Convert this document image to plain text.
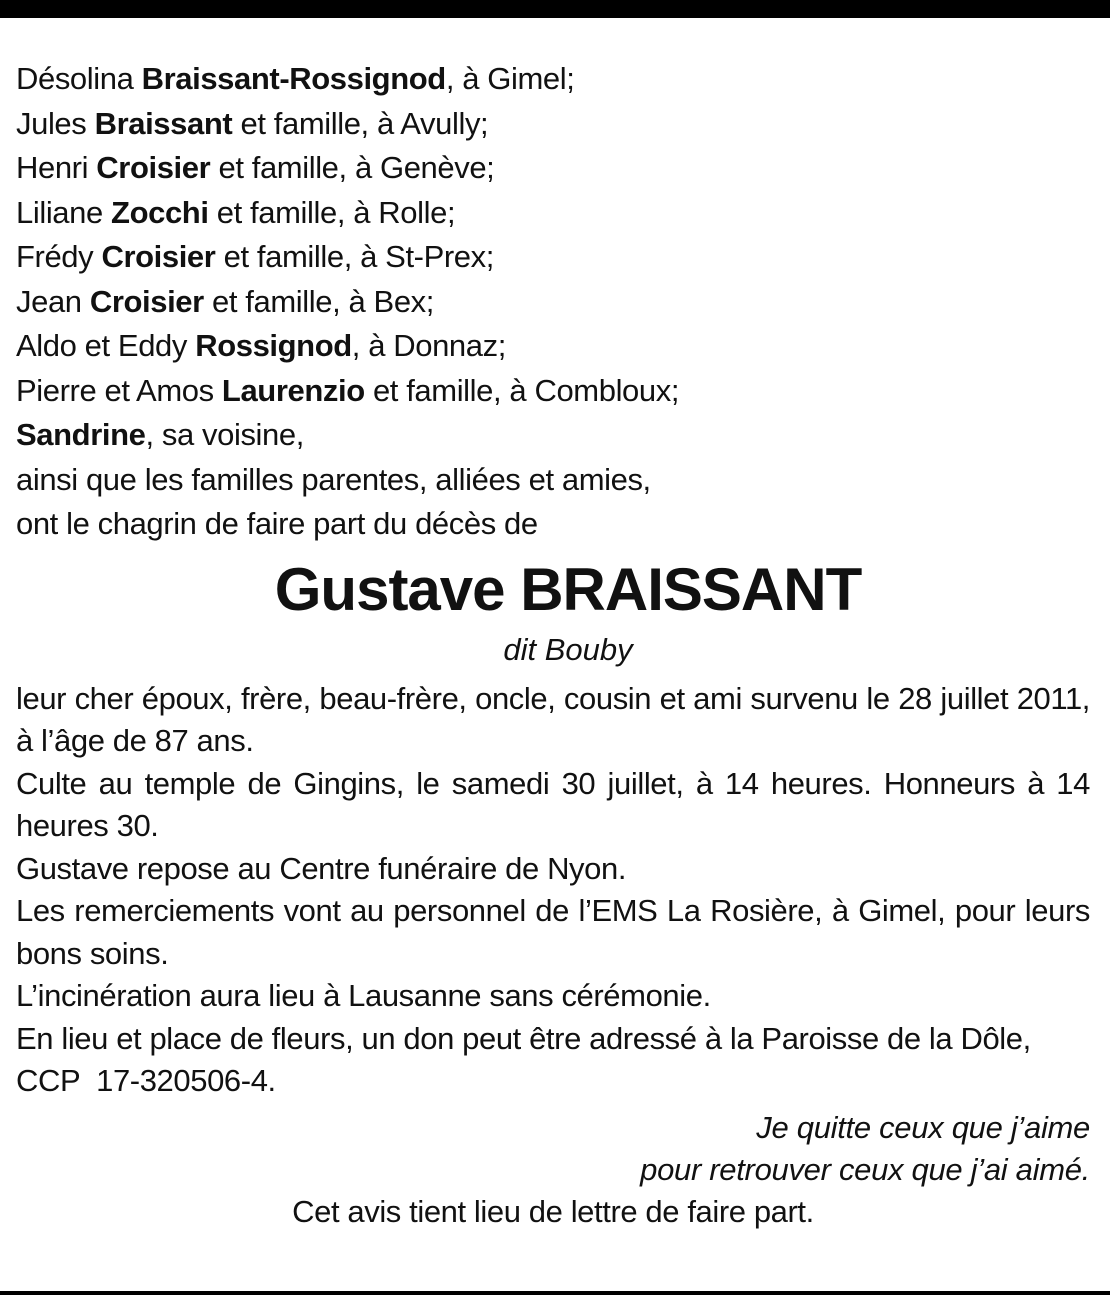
Désolina Braissant-Rossignod, à Gimel;
Jules Braissant et famille, à Avully;
Henri Croisier et famille, à Genève;
Liliane Zocchi et famille, à Rolle;
Frédy Croisier et famille, à St-Prex;
Jean Croisier et famille, à Bex;
Aldo et Eddy Rossignod, à Donnaz;
Pierre et Amos Laurenzio et famille, à Combloux;
Sandrine, sa voisine,
ainsi que les familles parentes, alliées et amies,
ont le chagrin de faire part du décès de
Gustave BRAISSANT
dit Bouby
leur cher époux, frère, beau-frère, oncle, cousin et ami survenu le 28 juillet 2011, à l’âge de 87 ans.
Culte au temple de Gingins, le samedi 30 juillet, à 14 heures. Honneurs à 14 heures 30.
Gustave repose au Centre funéraire de Nyon.
Les remerciements vont au personnel de l’EMS La Rosière, à Gimel, pour leurs bons soins.
L’incinération aura lieu à Lausanne sans cérémonie.
En lieu et place de fleurs, un don peut être adressé à la Paroisse de la Dôle,
CCP  17-320506-4.
Je quitte ceux que j’aime
pour retrouver ceux que j’ai aimé.
Cet avis tient lieu de lettre de faire part.
